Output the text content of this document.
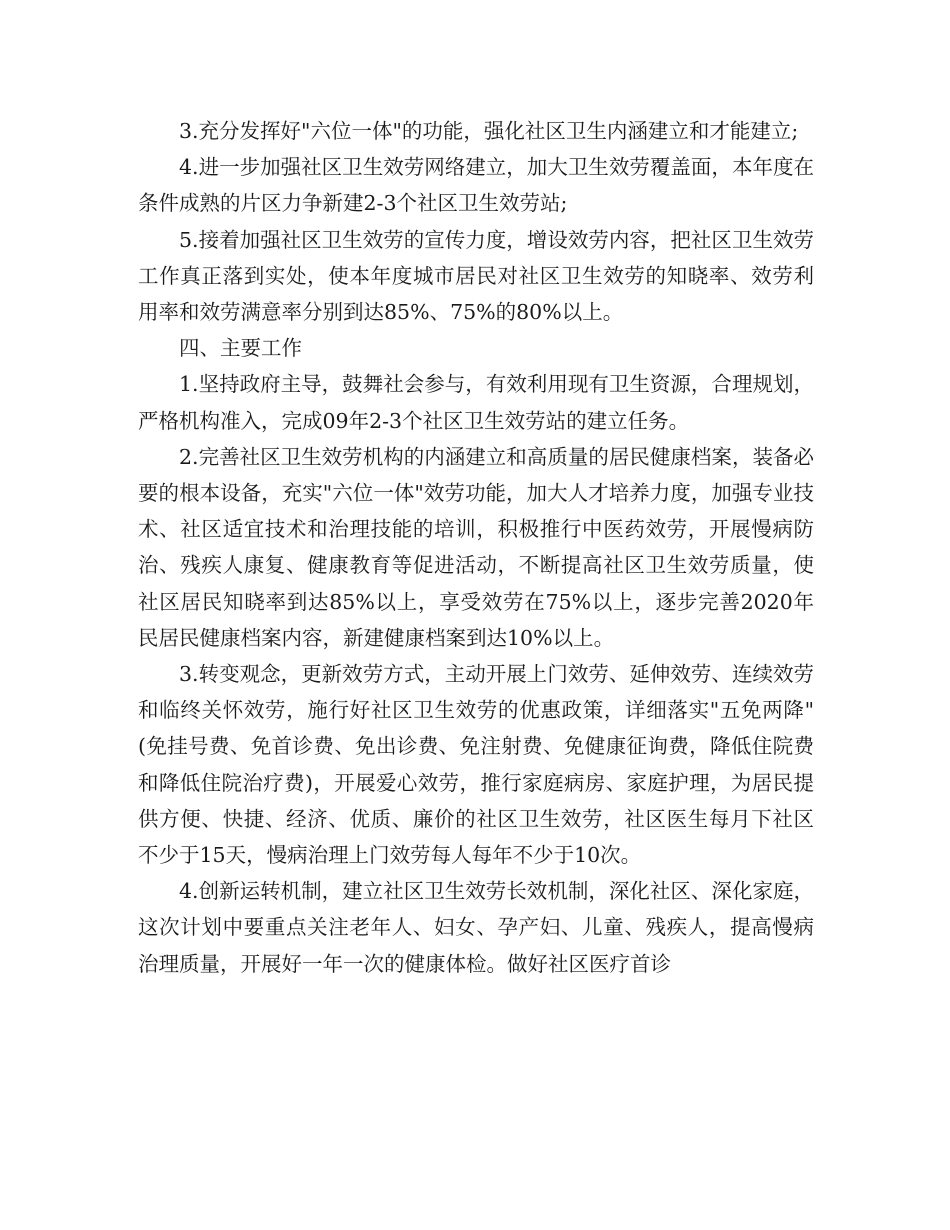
3.充分发挥好"六位一体"的功能，强化社区卫生内涵建立和才能建立;

4.进一步加强社区卫生效劳网络建立，加大卫生效劳覆盖面，本年度在条件成熟的片区力争新建2-3个社区卫生效劳站;

5.接着加强社区卫生效劳的宣传力度，增设效劳内容，把社区卫生效劳工作真正落到实处，使本年度城市居民对社区卫生效劳的知晓率、效劳利用率和效劳满意率分别到达85%、75%的80%以上。

四、主要工作

1.坚持政府主导，鼓舞社会参与，有效利用现有卫生资源，合理规划，严格机构准入，完成09年2-3个社区卫生效劳站的建立任务。

2.完善社区卫生效劳机构的内涵建立和高质量的居民健康档案，装备必要的根本设备，充实"六位一体"效劳功能，加大人才培养力度，加强专业技术、社区适宜技术和治理技能的培训，积极推行中医药效劳，开展慢病防治、残疾人康复、健康教育等促进活动，不断提高社区卫生效劳质量，使社区居民知晓率到达85%以上，享受效劳在75%以上，逐步完善2020年民居民健康档案内容，新建健康档案到达10%以上。

3.转变观念，更新效劳方式，主动开展上门效劳、延伸效劳、连续效劳和临终关怀效劳，施行好社区卫生效劳的优惠政策，详细落实"五免两降"(免挂号费、免首诊费、免出诊费、免注射费、免健康征询费，降低住院费和降低住院治疗费)，开展爱心效劳，推行家庭病房、家庭护理，为居民提供方便、快捷、经济、优质、廉价的社区卫生效劳，社区医生每月下社区不少于15天，慢病治理上门效劳每人每年不少于10次。

4.创新运转机制，建立社区卫生效劳长效机制，深化社区、深化家庭，这次计划中要重点关注老年人、妇女、孕产妇、儿童、残疾人，提高慢病治理质量，开展好一年一次的健康体检。做好社区医疗首诊
